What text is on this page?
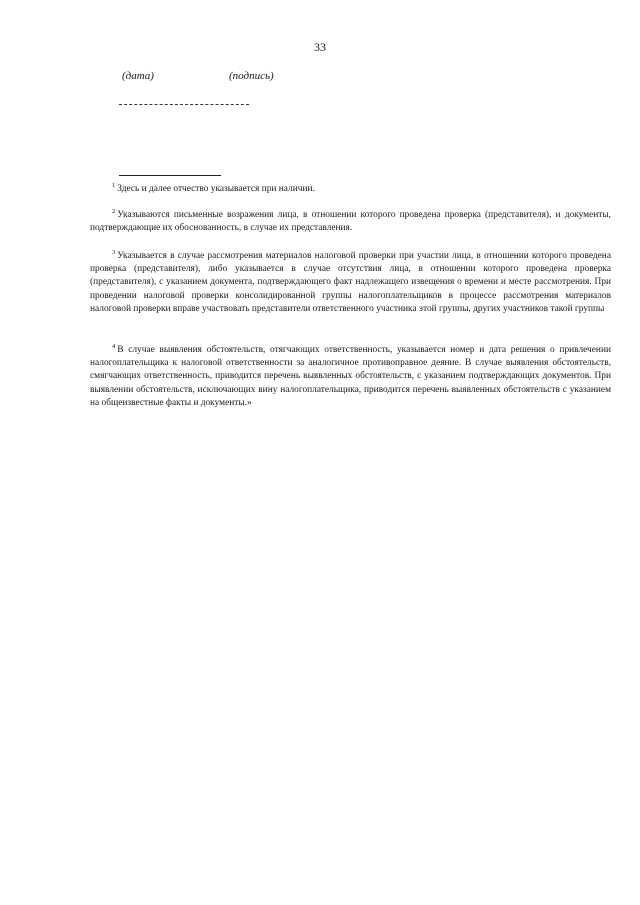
33
(дата)	(подпись)

$^1$ Здесь и далее отчество указывается при наличии.

$^2$ Указываются письменные возражения лица, в отношении которого проведена проверка (представителя), и документы, подтверждающие их обоснованность, в случае их представления.

$^3$ Указывается в случае рассмотрения материалов налоговой проверки при участии лица, в отношении которого проведена проверка (представителя), либо указывается в случае отсутствия лица, в отношении которого проведена проверка (представителя), с указанием документа, подтверждающего факт надлежащего извещения о времени и месте рассмотрения. При проведении налоговой проверки консолидированной группы налогоплательщиков в процессе рассмотрения материалов налоговой проверки вправе участвовать представители ответственного участника этой группы, других участников такой группы

$^4$ В случае выявления обстоятельств, отягчающих ответственность, указывается номер и дата решения о привлечении налогоплательщика к налоговой ответственности за аналогичное противоправное деяние. В случае выявления обстоятельств, смягчающих ответственность, приводится перечень выявленных обстоятельств, с указанием подтверждающих документов. При выявлении обстоятельств, исключающих вину налогоплательщика, приводится перечень выявленных обстоятельств с указанием на общеизвестные факты и документы.»
